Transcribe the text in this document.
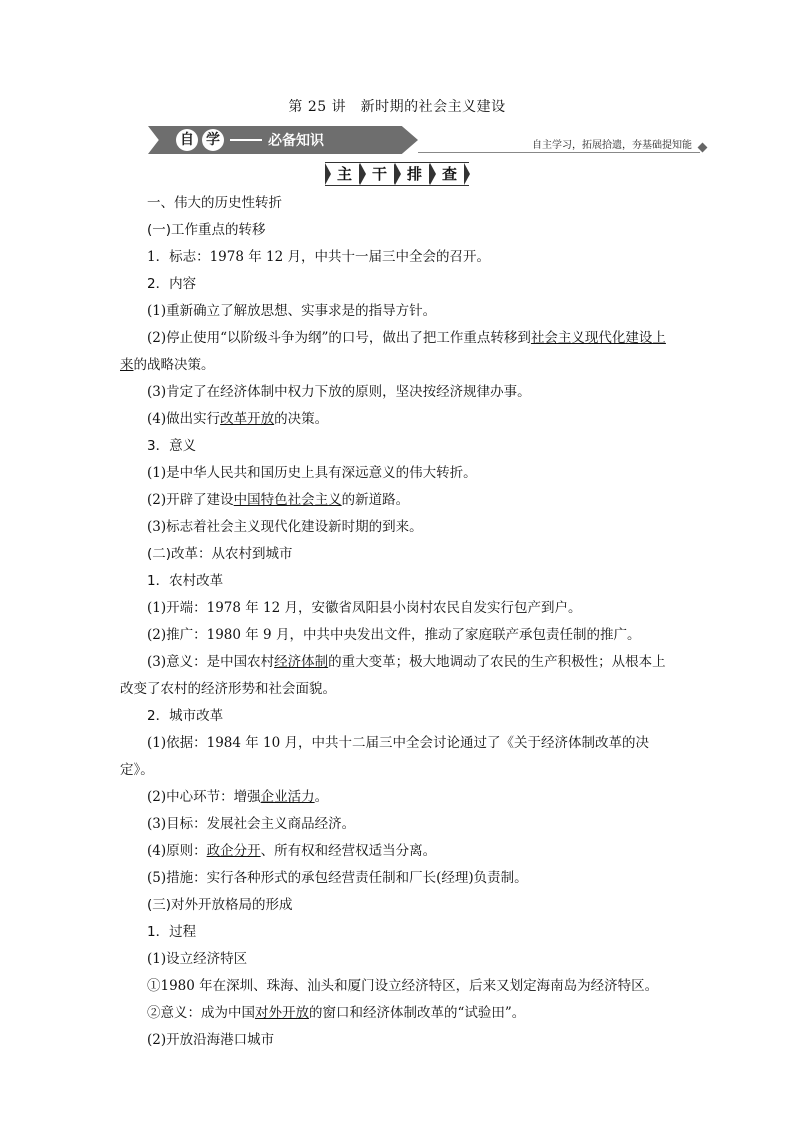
第 25 讲　新时期的社会主义建设
自 学	必备知识	自主学习，拓展拾遗，夯基础提知能
主 干 排 查

一、伟大的历史性转折

(一)工作重点的转移

1．标志：1978 年 12 月，中共十一届三中全会的召开。

2．内容

(1)重新确立了解放思想、实事求是的指导方针。

(2)停止使用“以阶级斗争为纲”的口号，做出了把工作重点转移到社会主义现代化建设上来的战略决策。

(3)肯定了在经济体制中权力下放的原则，坚决按经济规律办事。

(4)做出实行改革开放的决策。

3．意义

(1)是中华人民共和国历史上具有深远意义的伟大转折。

(2)开辟了建设中国特色社会主义的新道路。

(3)标志着社会主义现代化建设新时期的到来。

(二)改革：从农村到城市

1．农村改革

(1)开端：1978 年 12 月，安徽省凤阳县小岗村农民自发实行包产到户。

(2)推广：1980 年 9 月，中共中央发出文件，推动了家庭联产承包责任制的推广。

(3)意义：是中国农村经济体制的重大变革；极大地调动了农民的生产积极性；从根本上改变了农村的经济形势和社会面貌。

2．城市改革

(1)依据：1984 年 10 月，中共十二届三中全会讨论通过了《关于经济体制改革的决定》。

(2)中心环节：增强企业活力。

(3)目标：发展社会主义商品经济。

(4)原则：政企分开、所有权和经营权适当分离。

(5)措施：实行各种形式的承包经营责任制和厂长(经理)负责制。

(三)对外开放格局的形成

1．过程

(1)设立经济特区

①1980 年在深圳、珠海、汕头和厦门设立经济特区，后来又划定海南岛为经济特区。

②意义：成为中国对外开放的窗口和经济体制改革的“试验田”。

(2)开放沿海港口城市
